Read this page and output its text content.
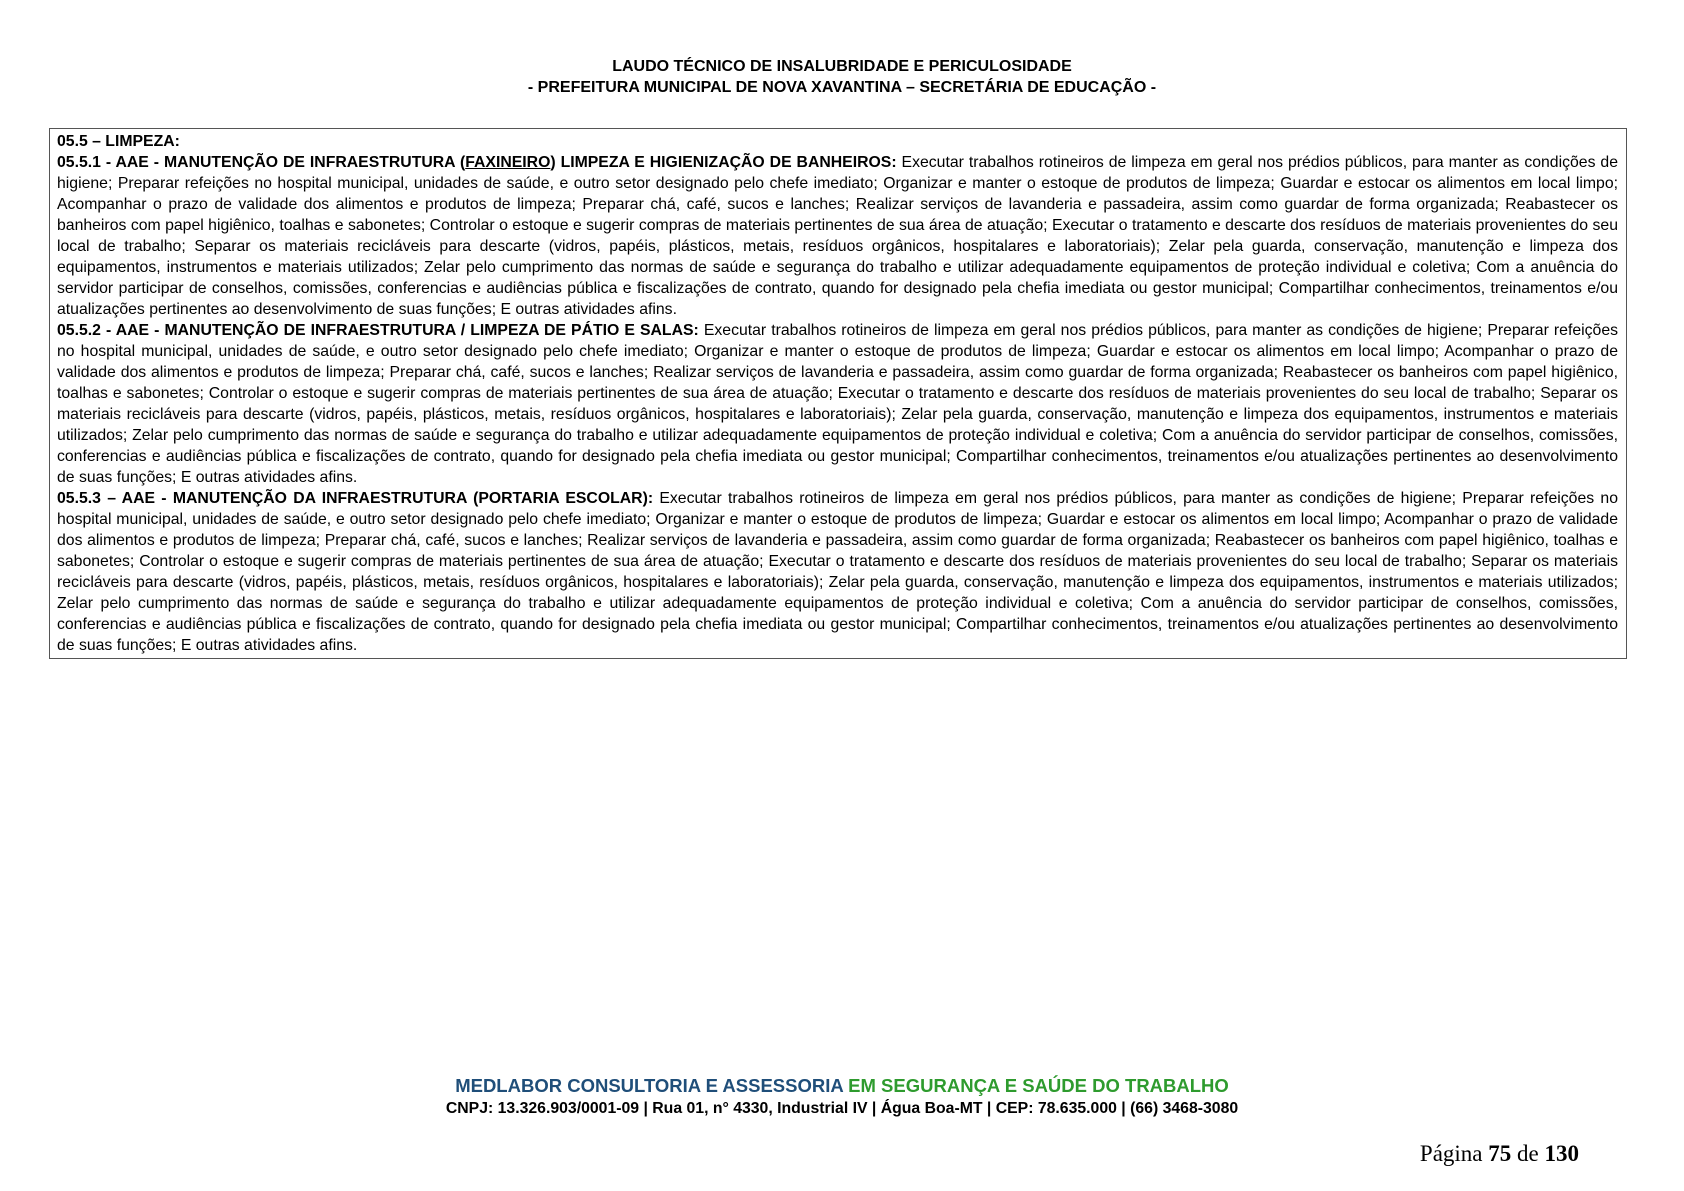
LAUDO TÉCNICO DE INSALUBRIDADE E PERICULOSIDADE
- PREFEITURA MUNICIPAL DE NOVA XAVANTINA – SECRETÁRIA DE EDUCAÇÃO -

05.5 – LIMPEZA:

05.5.1 - AAE - MANUTENÇÃO DE INFRAESTRUTURA (FAXINEIRO) LIMPEZA E HIGIENIZAÇÃO DE BANHEIROS: Executar trabalhos rotineiros de limpeza em geral nos prédios públicos, para manter as condições de higiene; Preparar refeições no hospital municipal, unidades de saúde, e outro setor designado pelo chefe imediato; Organizar e manter o estoque de produtos de limpeza; Guardar e estocar os alimentos em local limpo; Acompanhar o prazo de validade dos alimentos e produtos de limpeza; Preparar chá, café, sucos e lanches; Realizar serviços de lavanderia e passadeira, assim como guardar de forma organizada; Reabastecer os banheiros com papel higiênico, toalhas e sabonetes; Controlar o estoque e sugerir compras de materiais pertinentes de sua área de atuação; Executar o tratamento e descarte dos resíduos de materiais provenientes do seu local de trabalho; Separar os materiais recicláveis para descarte (vidros, papéis, plásticos, metais, resíduos orgânicos, hospitalares e laboratoriais); Zelar pela guarda, conservação, manutenção e limpeza dos equipamentos, instrumentos e materiais utilizados; Zelar pelo cumprimento das normas de saúde e segurança do trabalho e utilizar adequadamente equipamentos de proteção individual e coletiva; Com a anuência do servidor participar de conselhos, comissões, conferencias e audiências pública e fiscalizações de contrato, quando for designado pela chefia imediata ou gestor municipal; Compartilhar conhecimentos, treinamentos e/ou atualizações pertinentes ao desenvolvimento de suas funções; E outras atividades afins.

05.5.2 - AAE - MANUTENÇÃO DE INFRAESTRUTURA / LIMPEZA DE PÁTIO E SALAS: Executar trabalhos rotineiros de limpeza em geral nos prédios públicos, para manter as condições de higiene; Preparar refeições no hospital municipal, unidades de saúde, e outro setor designado pelo chefe imediato; Organizar e manter o estoque de produtos de limpeza; Guardar e estocar os alimentos em local limpo; Acompanhar o prazo de validade dos alimentos e produtos de limpeza; Preparar chá, café, sucos e lanches; Realizar serviços de lavanderia e passadeira, assim como guardar de forma organizada; Reabastecer os banheiros com papel higiênico, toalhas e sabonetes; Controlar o estoque e sugerir compras de materiais pertinentes de sua área de atuação; Executar o tratamento e descarte dos resíduos de materiais provenientes do seu local de trabalho; Separar os materiais recicláveis para descarte (vidros, papéis, plásticos, metais, resíduos orgânicos, hospitalares e laboratoriais); Zelar pela guarda, conservação, manutenção e limpeza dos equipamentos, instrumentos e materiais utilizados; Zelar pelo cumprimento das normas de saúde e segurança do trabalho e utilizar adequadamente equipamentos de proteção individual e coletiva; Com a anuência do servidor participar de conselhos, comissões, conferencias e audiências pública e fiscalizações de contrato, quando for designado pela chefia imediata ou gestor municipal; Compartilhar conhecimentos, treinamentos e/ou atualizações pertinentes ao desenvolvimento de suas funções; E outras atividades afins.

05.5.3 – AAE - MANUTENÇÃO DA INFRAESTRUTURA (PORTARIA ESCOLAR): Executar trabalhos rotineiros de limpeza em geral nos prédios públicos, para manter as condições de higiene; Preparar refeições no hospital municipal, unidades de saúde, e outro setor designado pelo chefe imediato; Organizar e manter o estoque de produtos de limpeza; Guardar e estocar os alimentos em local limpo; Acompanhar o prazo de validade dos alimentos e produtos de limpeza; Preparar chá, café, sucos e lanches; Realizar serviços de lavanderia e passadeira, assim como guardar de forma organizada; Reabastecer os banheiros com papel higiênico, toalhas e sabonetes; Controlar o estoque e sugerir compras de materiais pertinentes de sua área de atuação; Executar o tratamento e descarte dos resíduos de materiais provenientes do seu local de trabalho; Separar os materiais recicláveis para descarte (vidros, papéis, plásticos, metais, resíduos orgânicos, hospitalares e laboratoriais); Zelar pela guarda, conservação, manutenção e limpeza dos equipamentos, instrumentos e materiais utilizados; Zelar pelo cumprimento das normas de saúde e segurança do trabalho e utilizar adequadamente equipamentos de proteção individual e coletiva; Com a anuência do servidor participar de conselhos, comissões, conferencias e audiências pública e fiscalizações de contrato, quando for designado pela chefia imediata ou gestor municipal; Compartilhar conhecimentos, treinamentos e/ou atualizações pertinentes ao desenvolvimento de suas funções; E outras atividades afins.

MEDLABOR CONSULTORIA E ASSESSORIA EM SEGURANÇA E SAÚDE DO TRABALHO
CNPJ: 13.326.903/0001-09 | Rua 01, n° 4330, Industrial IV | Água Boa-MT | CEP: 78.635.000 | (66) 3468-3080
Página 75 de 130
